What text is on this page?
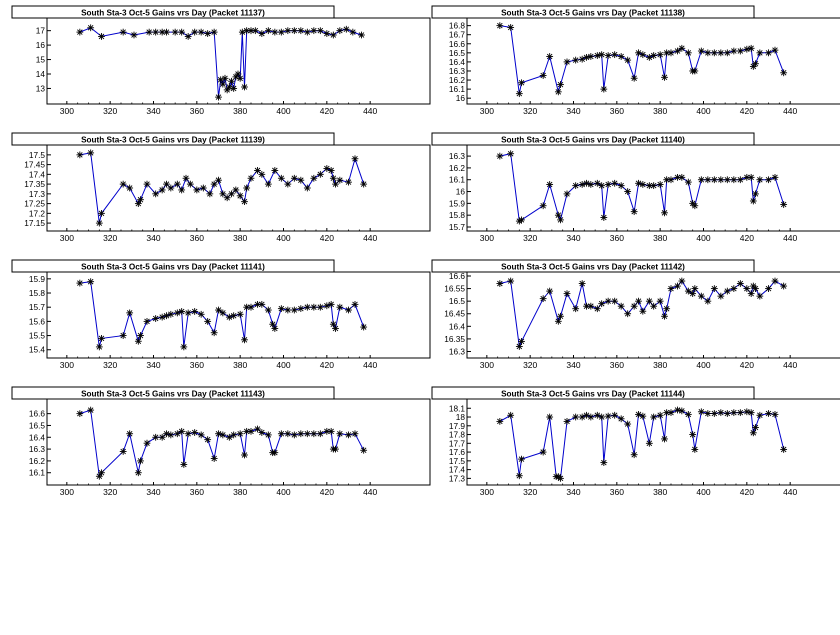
South Sta-3 Oct-5 Gains vrs Day (Packet 11137)
300	320	340	360	380	400	420	440
13
14
15
16
17
South Sta-3 Oct-5 Gains vrs Day (Packet 11138)
300	320	340	360	380	400	420	440
16
16.1
16.2
16.3
16.4
16.5
16.6
16.7
16.8
South Sta-3 Oct-5 Gains vrs Day (Packet 11139)
300	320	340	360	380	400	420	440
17.15
17.2
17.25
17.3
17.35
17.4
17.45
17.5
South Sta-3 Oct-5 Gains vrs Day (Packet 11140)
300	320	340	360	380	400	420	440
15.7
15.8
15.9
16
16.1
16.2
16.3
South Sta-3 Oct-5 Gains vrs Day (Packet 11141)
300	320	340	360	380	400	420	440
15.4
15.5
15.6
15.7
15.8
15.9
South Sta-3 Oct-5 Gains vrs Day (Packet 11142)
300	320	340	360	380	400	420	440
16.3
16.35
16.4
16.45
16.5
16.55
16.6
South Sta-3 Oct-5 Gains vrs Day (Packet 11143)
300	320	340	360	380	400	420	440
16.1
16.2
16.3
16.4
16.5
16.6
South Sta-3 Oct-5 Gains vrs Day (Packet 11144)
300	320	340	360	380	400	420	440
17.3
17.4
17.5
17.6
17.7
17.8
17.9
18
18.1
